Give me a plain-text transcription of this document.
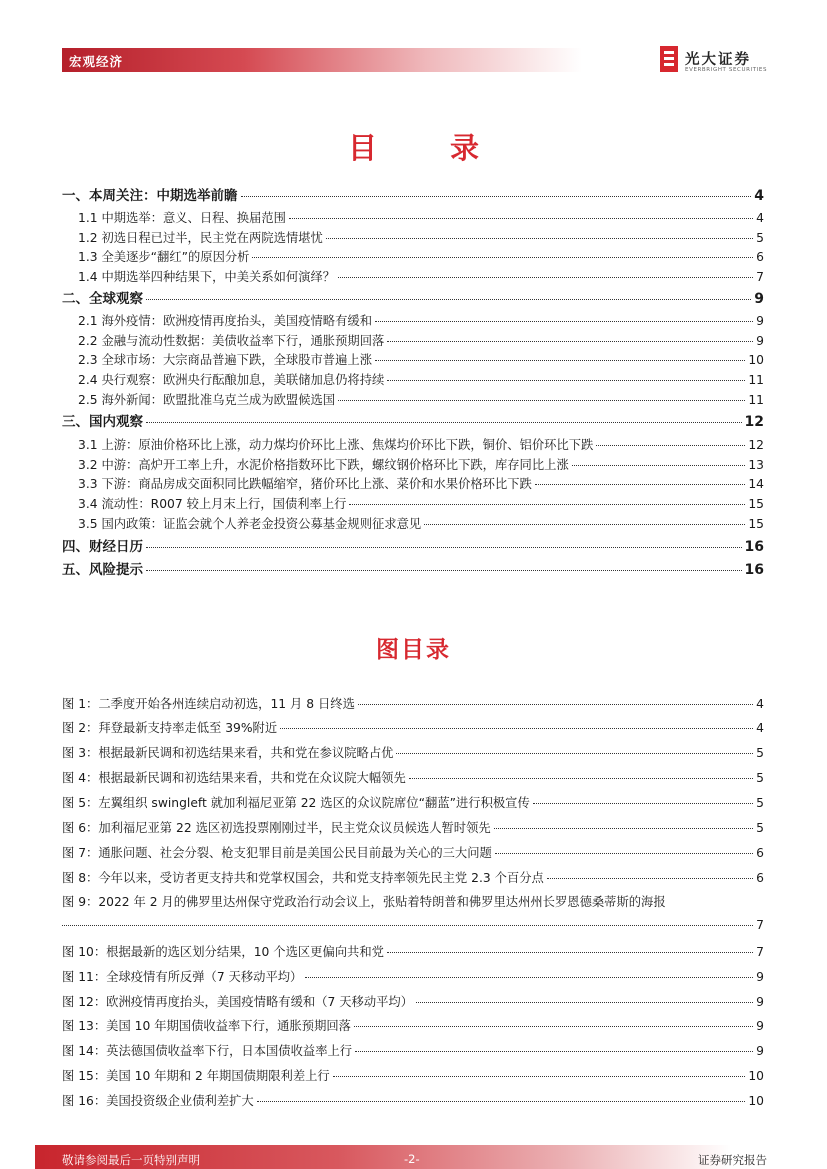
宏观经济	光大证券
EVERBRIGHT SECURITIES
目　录
一、本周关注：中期选举前瞻	4
1.1 中期选举：意义、日程、换届范围	4
1.2 初选日程已过半，民主党在两院选情堪忧	5
1.3 全美逐步“翻红”的原因分析	6
1.4 中期选举四种结果下，中美关系如何演绎？	7
二、全球观察	9
2.1 海外疫情：欧洲疫情再度抬头，美国疫情略有缓和	9
2.2 金融与流动性数据：美债收益率下行，通胀预期回落	9
2.3 全球市场：大宗商品普遍下跌，全球股市普遍上涨	10
2.4 央行观察：欧洲央行酝酿加息，美联储加息仍将持续	11
2.5 海外新闻：欧盟批准乌克兰成为欧盟候选国	11
三、国内观察	12
3.1 上游：原油价格环比上涨，动力煤均价环比上涨、焦煤均价环比下跌，铜价、铝价环比下跌	12
3.2 中游：高炉开工率上升，水泥价格指数环比下跌，螺纹钢价格环比下跌，库存同比上涨	13
3.3 下游：商品房成交面积同比跌幅缩窄，猪价环比上涨、菜价和水果价格环比下跌	14
3.4 流动性：R007 较上月末上行，国债利率上行	15
3.5 国内政策：证监会就个人养老金投资公募基金规则征求意见	15
四、财经日历	16
五、风险提示	16
图目录
图 1：二季度开始各州连续启动初选，11 月 8 日终选	4
图 2：拜登最新支持率走低至 39%附近	4
图 3：根据最新民调和初选结果来看，共和党在参议院略占优	5
图 4：根据最新民调和初选结果来看，共和党在众议院大幅领先	5
图 5：左翼组织 swingleft 就加利福尼亚第 22 选区的众议院席位“翻蓝”进行积极宣传	5
图 6：加利福尼亚第 22 选区初选投票刚刚过半，民主党众议员候选人暂时领先	5
图 7：通胀问题、社会分裂、枪支犯罪目前是美国公民目前最为关心的三大问题	6
图 8：今年以来，受访者更支持共和党掌权国会，共和党支持率领先民主党 2.3 个百分点	6
图 9：2022 年 2 月的佛罗里达州保守党政治行动会议上，张贴着特朗普和佛罗里达州州长罗恩德桑蒂斯的海报
7
图 10：根据最新的选区划分结果，10 个选区更偏向共和党	7
图 11：全球疫情有所反弹（7 天移动平均）	9
图 12：欧洲疫情再度抬头，美国疫情略有缓和（7 天移动平均）	9
图 13：美国 10 年期国债收益率下行，通胀预期回落	9
图 14：英法德国债收益率下行，日本国债收益率上行	9
图 15：美国 10 年期和 2 年期国债期限利差上行	10
图 16：美国投资级企业债利差扩大	10
敬请参阅最后一页特别声明	-2-	证券研究报告
